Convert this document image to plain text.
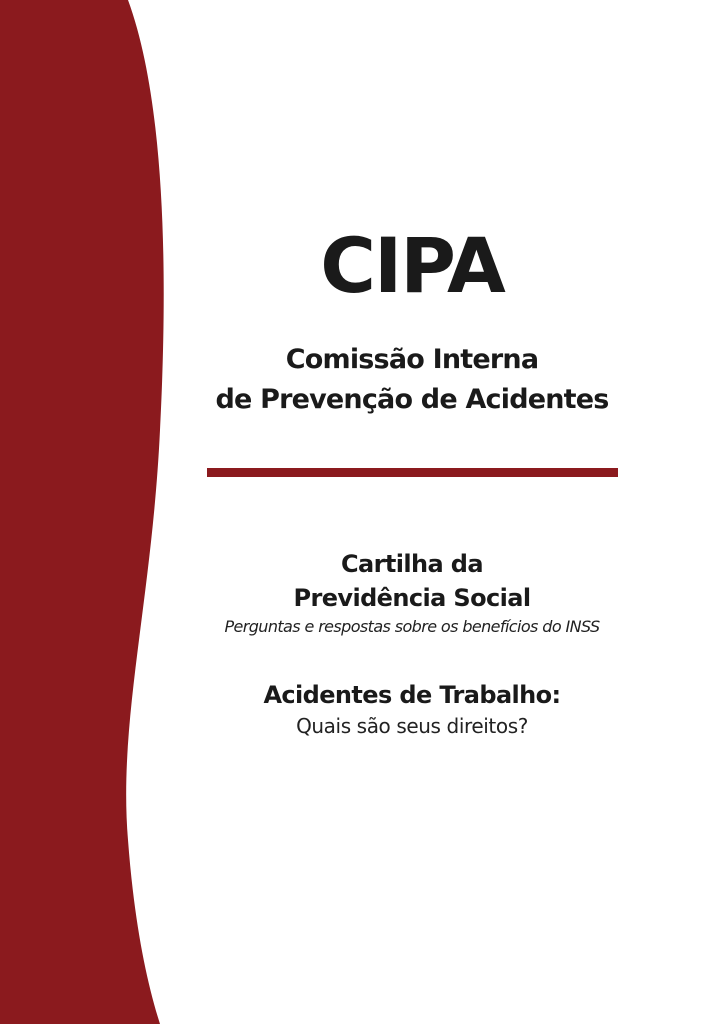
CIPA
Comissão Interna
de Prevenção de Acidentes
Cartilha da
Previdência Social
Perguntas e respostas sobre os benefícios do INSS
Acidentes de Trabalho:
Quais são seus direitos?
